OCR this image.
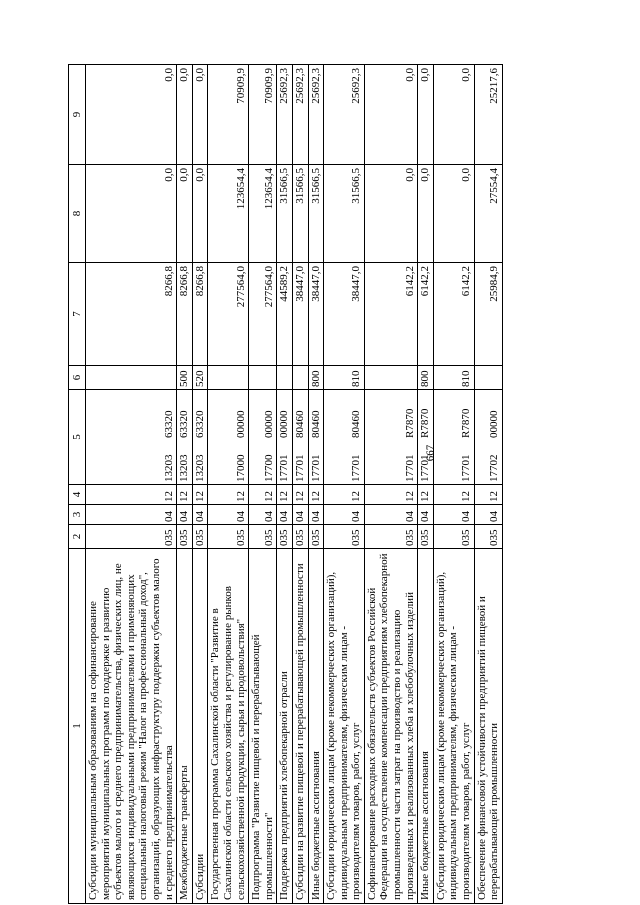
667
1	2	3	4	5	6	7	8	9
Субсидии муниципальным образованиям на софинансирование мероприятий муниципальных программ по поддержке и развитию субъектов малого и среднего предпринимательства, физических лиц, не являющихся индивидуальными предпринимателями и применяющих специальный налоговый режим "Налог на профессиональный доход", организаций, образующих инфраструктуру поддержки субъектов малого и среднего предпринимательства	035	04	12	1320363320		8266,8	0,0	0,0
Межбюджетные трансферты	035	04	12	1320363320	500	8266,8	0,0	0,0
Субсидии	035	04	12	1320363320	520	8266,8	0,0	0,0
Государственная программа Сахалинской области "Развитие в Сахалинской области сельского хозяйства и регулирование рынков сельскохозяйственной продукции, сырья и продовольствия"	035	04	12	1700000000		277564,0	123654,4	70909,9
Подпрограмма "Развитие пищевой и перерабатывающей промышленности"	035	04	12	1770000000		277564,0	123654,4	70909,9
Поддержка предприятий хлебопекарной отрасли	035	04	12	1770100000		44589,2	31566,5	25692,3
Субсидии на развитие пищевой и перерабатывающей промышленности	035	04	12	1770180460		38447,0	31566,5	25692,3
Иные бюджетные ассигнования	035	04	12	1770180460	800	38447,0	31566,5	25692,3
Субсидии юридическим лицам (кроме некоммерческих организаций), индивидуальным предпринимателям, физическим лицам - производителям товаров, работ, услуг	035	04	12	1770180460	810	38447,0	31566,5	25692,3
Софинансирование расходных обязательств субъектов Российской Федерации на осуществление компенсации предприятиям хлебопекарной промышленности части затрат на производство и реализацию произведенных и реализованных хлеба и хлебобулочных изделий	035	04	12	17701R7870		6142,2	0,0	0,0
Иные бюджетные ассигнования	035	04	12	17701R7870	800	6142,2	0,0	0,0
Субсидии юридическим лицам (кроме некоммерческих организаций), индивидуальным предпринимателям, физическим лицам - производителям товаров, работ, услуг	035	04	12	17701R7870	810	6142,2	0,0	0,0
Обеспечение финансовой устойчивости предприятий пищевой и перерабатывающей промышленности	035	04	12	1770200000		25984,9	27554,4	25217,6
